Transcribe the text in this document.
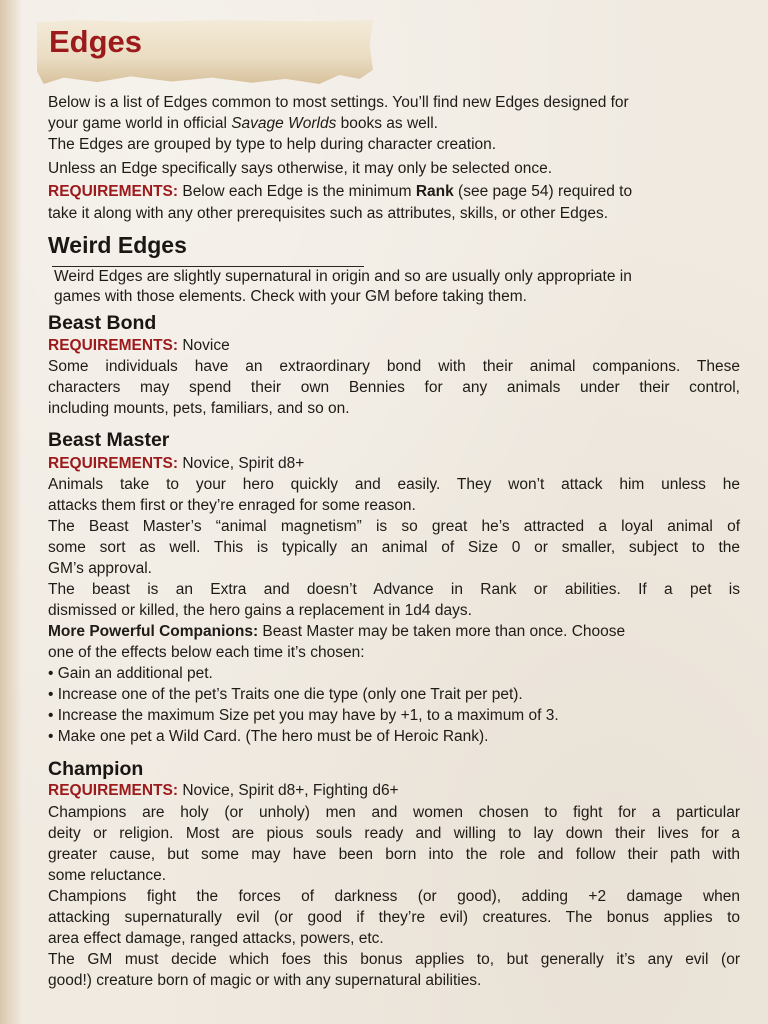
Edges

Below is a list of Edges common to most settings. You’ll find new Edges designed for

your game world in official Savage Worlds books as well.

The Edges are grouped by type to help during character creation.

Unless an Edge specifically says otherwise, it may only be selected once.

REQUIREMENTS: Below each Edge is the minimum Rank (see page 54) required to

take it along with any other prerequisites such as attributes, skills, or other Edges.

Weird Edges

Weird Edges are slightly supernatural in origin and so are usually only appropriate in

games with those elements. Check with your GM before taking them.

Beast Bond

REQUIREMENTS: Novice

Some individuals have an extraordinary bond with their animal companions. These

characters may spend their own Bennies for any animals under their control,

including mounts, pets, familiars, and so on.

Beast Master

REQUIREMENTS: Novice, Spirit d8+

Animals take to your hero quickly and easily. They won’t attack him unless he

attacks them first or they’re enraged for some reason.

The Beast Master’s “animal magnetism” is so great he’s attracted a loyal animal of

some sort as well. This is typically an animal of Size 0 or smaller, subject to the

GM’s approval.

The beast is an Extra and doesn’t Advance in Rank or abilities. If a pet is

dismissed or killed, the hero gains a replacement in 1d4 days.

More Powerful Companions: Beast Master may be taken more than once. Choose

one of the effects below each time it’s chosen:

• Gain an additional pet.

• Increase one of the pet’s Traits one die type (only one Trait per pet).

• Increase the maximum Size pet you may have by +1, to a maximum of 3.

• Make one pet a Wild Card. (The hero must be of Heroic Rank).

Champion

REQUIREMENTS: Novice, Spirit d8+, Fighting d6+

Champions are holy (or unholy) men and women chosen to fight for a particular

deity or religion. Most are pious souls ready and willing to lay down their lives for a

greater cause, but some may have been born into the role and follow their path with

some reluctance.

Champions fight the forces of darkness (or good), adding +2 damage when

attacking supernaturally evil (or good if they’re evil) creatures. The bonus applies to

area effect damage, ranged attacks, powers, etc.

The GM must decide which foes this bonus applies to, but generally it’s any evil (or

good!) creature born of magic or with any supernatural abilities.
